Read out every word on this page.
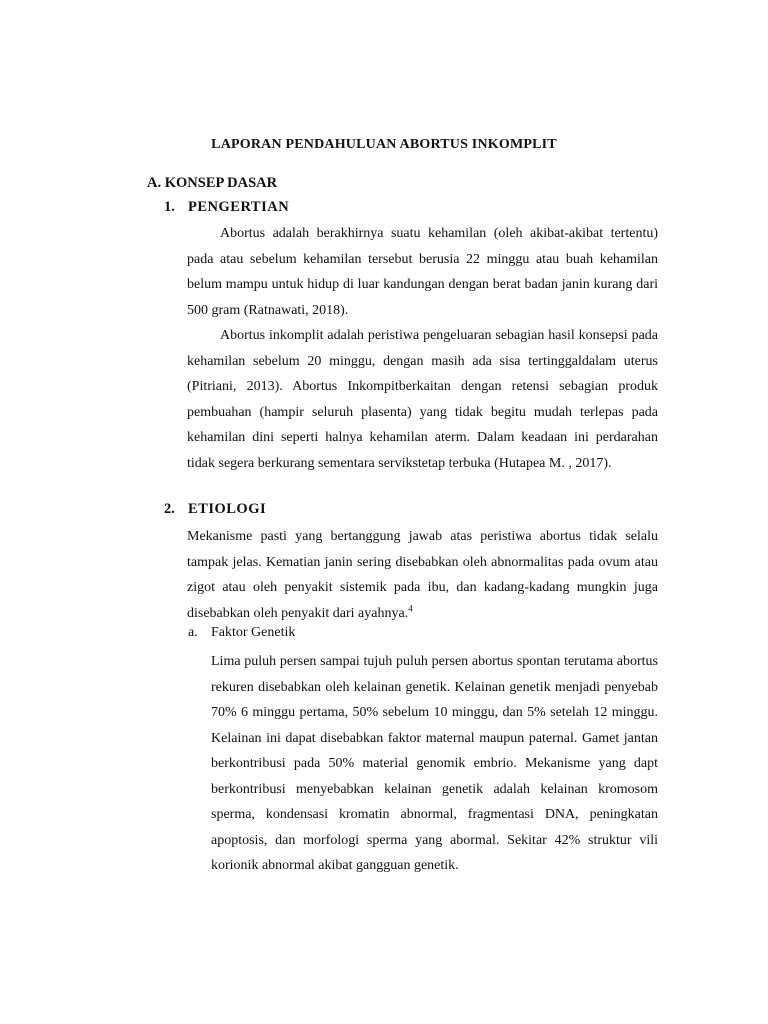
LAPORAN PENDAHULUAN ABORTUS INKOMPLIT
A. KONSEP DASAR
1. PENGERTIAN

Abortus adalah berakhirnya suatu kehamilan (oleh akibat-akibat tertentu) pada atau sebelum kehamilan tersebut berusia 22 minggu atau buah kehamilan belum mampu untuk hidup di luar kandungan dengan berat badan janin kurang dari 500 gram (Ratnawati, 2018).

Abortus inkomplit adalah peristiwa pengeluaran sebagian hasil konsepsi pada kehamilan sebelum 20 minggu, dengan masih ada sisa tertinggaldalam uterus (Pitriani, 2013). Abortus Inkompitberkaitan dengan retensi sebagian produk pembuahan (hampir seluruh plasenta) yang tidak begitu mudah terlepas pada kehamilan dini seperti halnya kehamilan aterm. Dalam keadaan ini perdarahan tidak segera berkurang sementara servikstetap terbuka (Hutapea M. , 2017).

2. ETIOLOGI

Mekanisme pasti yang bertanggung jawab atas peristiwa abortus tidak selalu tampak jelas. Kematian janin sering disebabkan oleh abnormalitas pada ovum atau zigot atau oleh penyakit sistemik pada ibu, dan kadang-kadang mungkin juga disebabkan oleh penyakit dari ayahnya.$^4$

a. Faktor Genetik

Lima puluh persen sampai tujuh puluh persen abortus spontan terutama abortus rekuren disebabkan oleh kelainan genetik. Kelainan genetik menjadi penyebab 70% 6 minggu pertama, 50% sebelum 10 minggu, dan 5% setelah 12 minggu. Kelainan ini dapat disebabkan faktor maternal maupun paternal. Gamet jantan berkontribusi pada 50% material genomik embrio. Mekanisme yang dapt berkontribusi menyebabkan kelainan genetik adalah kelainan kromosom sperma, kondensasi kromatin abnormal, fragmentasi DNA, peningkatan apoptosis, dan morfologi sperma yang abormal. Sekitar 42% struktur vili korionik abnormal akibat gangguan genetik.
